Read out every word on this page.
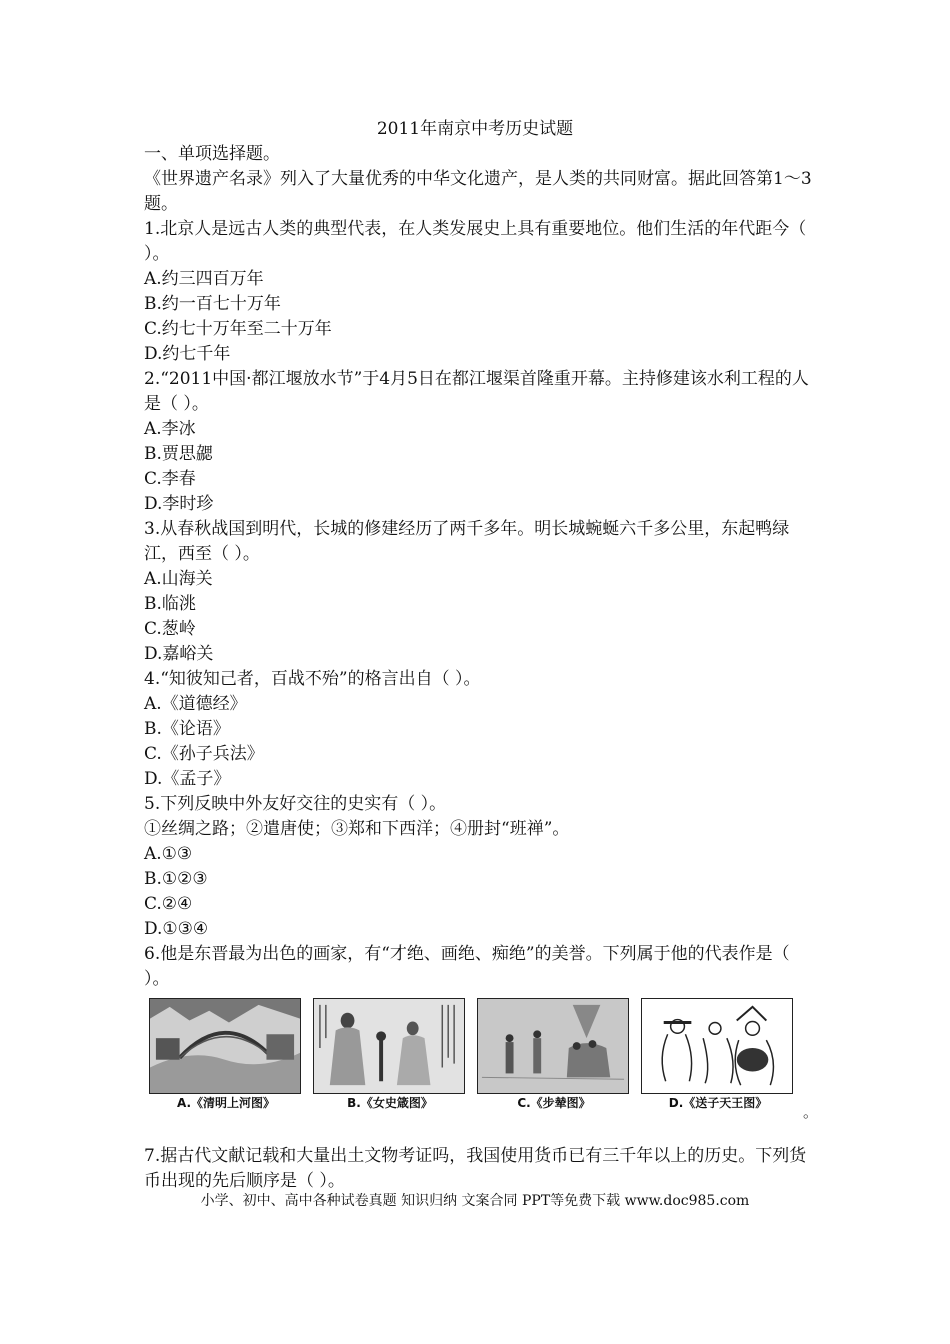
2011年南京中考历史试题

一、单项选择题。

《世界遗产名录》列入了大量优秀的中华文化遗产，是人类的共同财富。据此回答第1～3题。

1.北京人是远古人类的典型代表，在人类发展史上具有重要地位。他们生活的年代距今（ ）。

A.约三四百万年

B.约一百七十万年

C.约七十万年至二十万年

D.约七千年

2.“2011中国·都江堰放水节”于4月5日在都江堰渠首隆重开幕。主持修建该水利工程的人是（ ）。

A.李冰

B.贾思勰

C.李春

D.李时珍

3.从春秋战国到明代，长城的修建经历了两千多年。明长城蜿蜒六千多公里，东起鸭绿江，西至（ ）。

A.山海关

B.临洮

C.葱岭

D.嘉峪关

4.“知彼知己者，百战不殆”的格言出自（ ）。

A.《道德经》

B.《论语》

C.《孙子兵法》

D.《孟子》

5.下列反映中外友好交往的史实有（ ）。

①丝绸之路；②遣唐使；③郑和下西洋；④册封“班禅”。

A.①③

B.①②③

C.②④

D.①③④

6.他是东晋最为出色的画家，有“才绝、画绝、痴绝”的美誉。下列属于他的代表作是（ ）。

A.《清明上河图》	B.《女史箴图》	C.《步辇图》	D.《送子天王图》	。

7.据古代文献记载和大量出土文物考证吗，我国使用货币已有三千年以上的历史。下列货币出现的先后顺序是（ ）。

小学、初中、高中各种试卷真题 知识归纳 文案合同 PPT等免费下载 www.doc985.com
